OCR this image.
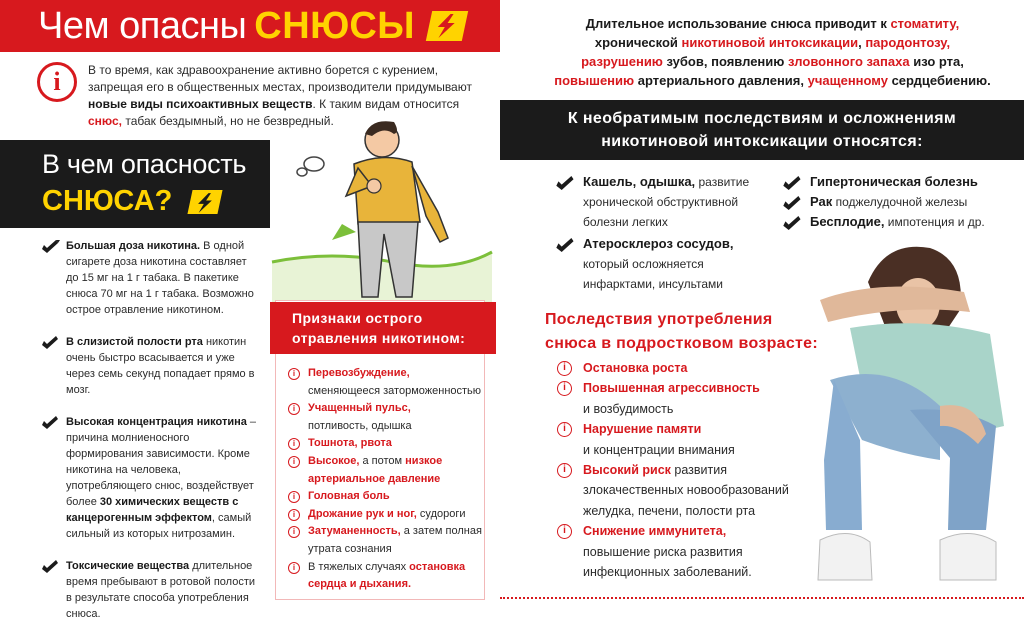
Чем опасны СНЮСЫ
i	В то время, как здравоохранение активно борется с курением,
запрещая его в общественных местах, производители придумывают
новые виды психоактивных веществ. К таким видам относится
снюс, табак бездымный, но не безвредный.
В чем опасность
СНЮСА?
Большая доза никотина. В одной сигарете доза никотина составляет до 15 мг на 1 г табака. В пакетике снюса 70 мг на 1 г табака. Возможно острое отравление никотином.
В слизистой полости рта никотин очень быстро всасывается и уже через семь секунд попадает прямо в мозг.
Высокая концентрация никотина – причина молниеносного формирования зависимости. Кроме никотина на человека, употребляющего снюс, воздействует более 30 химических веществ с канцерогенным эффектом, самый сильный из которых нитрозамин.
Токсические вещества длительное время пребывают в ротовой полости в результате способа употребления снюса.
Признаки острого
отравления никотином:
i	Перевозбуждение,
сменяющееся заторможенностью
i	Учащенный пульс,
потливость, одышка
i	Тошнота, рвота
i	Высокое, а потом низкое артериальное давление
i	Головная боль
i	Дрожание рук и ног, судороги
i	Затуманенность, а затем полная утрата сознания
i	В тяжелых случаях остановка сердца и дыхания.
Длительное использование снюса приводит к стоматиту,
хронической никотиновой интоксикации, пародонтозу,
разрушению зубов, появлению зловонного запаха изо рта,
повышению артериального давления, учащенному сердцебиению.
К необратимым последствиям и осложнениям
никотиновой интоксикации относятся:
Кашель, одышка, развитие хронической обструктивной болезни легких
Атеросклероз сосудов, который осложняется инфарктами, инсультами
Гипертоническая болезнь
Рак поджелудочной железы
Бесплодие, импотенция и др.
Последствия употребления
снюса в подростковом возрасте:
i	Остановка роста
i	Повышенная агрессивность
и возбудимость
i	Нарушение памяти
и концентрации внимания
i	Высокий риск развития злокачественных новообразований желудка, печени, полости рта
i	Снижение иммунитета,
повышение риска развития инфекционных заболеваний.
